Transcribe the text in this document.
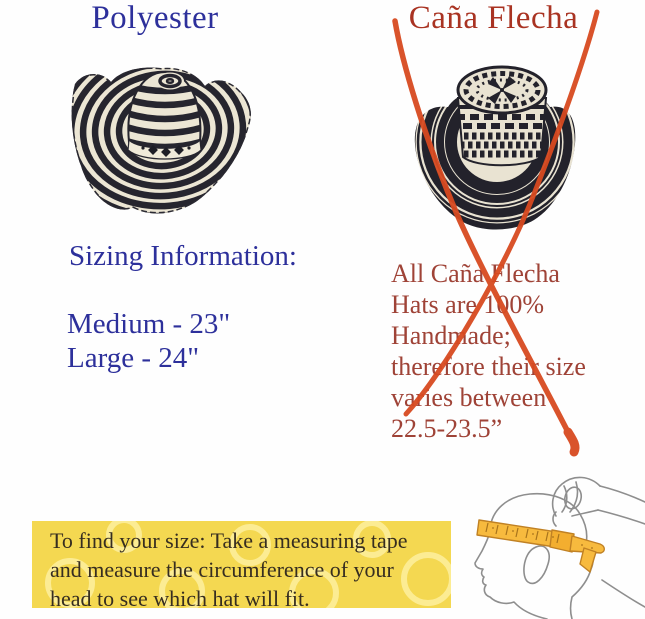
Polyester	Caña Flecha
Sizing Information:
Medium - 23"
Large - 24"
All Caña Flecha
Hats are 100%
Handmade;
therefore their size
varies between
22.5-23.5”
To find your size: Take a measuring tape
and measure the circumference of your
head to see which hat will fit.
